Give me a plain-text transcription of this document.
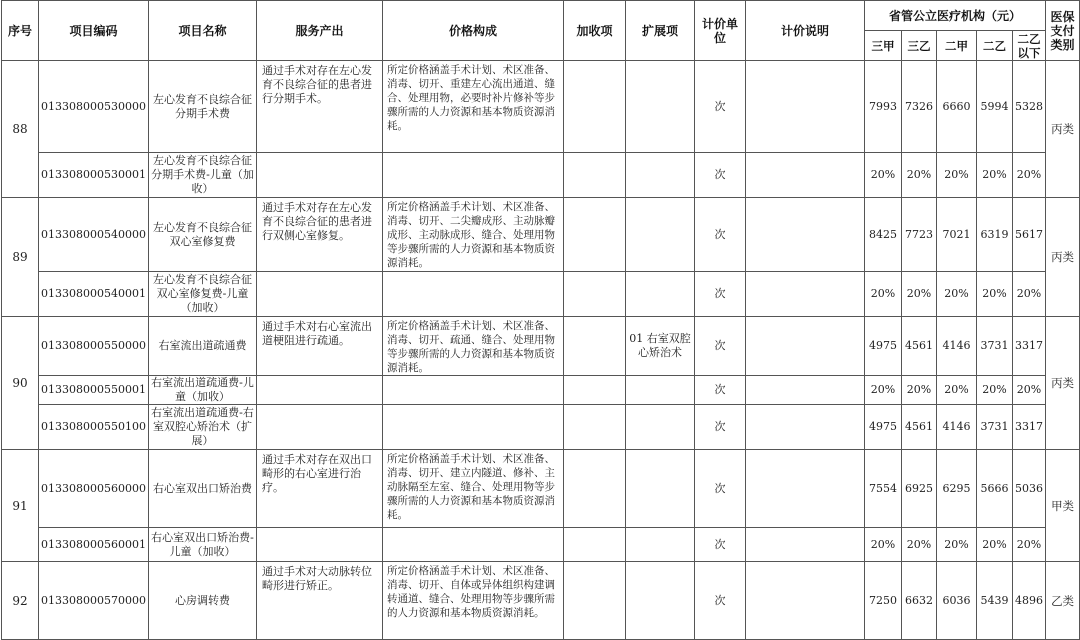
序号	项目编码	项目名称	服务产出	价格构成	加收项	扩展项	计价单位	计价说明	省管公立医疗机构（元）					医保支付类别
									三甲	三乙	二甲	二乙	二乙以下	
88	013308000530000	左心发育不良综合征分期手术费	通过手术对存在左心发育不良综合征的患者进行分期手术。	所定价格涵盖手术计划、术区准备、消毒、切开、重建左心流出通道、缝合、处理用物，必要时补片修补等步骤所需的人力资源和基本物质资源消耗。			次		7993	7326	6660	5994	5328	丙类
	013308000530001	左心发育不良综合征分期手术费-儿童（加收）					次		20%	20%	20%	20%	20%	
89	013308000540000	左心发育不良综合征双心室修复费	通过手术对存在左心发育不良综合征的患者进行双侧心室修复。	所定价格涵盖手术计划、术区准备、消毒、切开、二尖瓣成形、主动脉瓣成形、主动脉成形、缝合、处理用物等步骤所需的人力资源和基本物质资源消耗。			次		8425	7723	7021	6319	5617	丙类
	013308000540001	左心发育不良综合征双心室修复费-儿童（加收）					次		20%	20%	20%	20%	20%	
90	013308000550000	右室流出道疏通费	通过手术对右心室流出道梗阻进行疏通。	所定价格涵盖手术计划、术区准备、消毒、切开、疏通、缝合、处理用物等步骤所需的人力资源和基本物质资源消耗。		01 右室双腔心矫治术	次		4975	4561	4146	3731	3317	丙类
	013308000550001	右室流出道疏通费-儿童（加收）					次		20%	20%	20%	20%	20%	
	013308000550100	右室流出道疏通费-右室双腔心矫治术（扩展）					次		4975	4561	4146	3731	3317	
91	013308000560000	右心室双出口矫治费	通过手术对存在双出口畸形的右心室进行治疗。	所定价格涵盖手术计划、术区准备、消毒、切开、建立内隧道、修补、主动脉隔至左室、缝合、处理用物等步骤所需的人力资源和基本物质资源消耗。			次		7554	6925	6295	5666	5036	甲类
	013308000560001	右心室双出口矫治费-儿童（加收）					次		20%	20%	20%	20%	20%	
92	013308000570000	心房调转费	通过手术对大动脉转位畸形进行矫正。	所定价格涵盖手术计划、术区准备、消毒、切开、自体或异体组织构建调转通道、缝合、处理用物等步骤所需的人力资源和基本物质资源消耗。			次		7250	6632	6036	5439	4896	乙类
